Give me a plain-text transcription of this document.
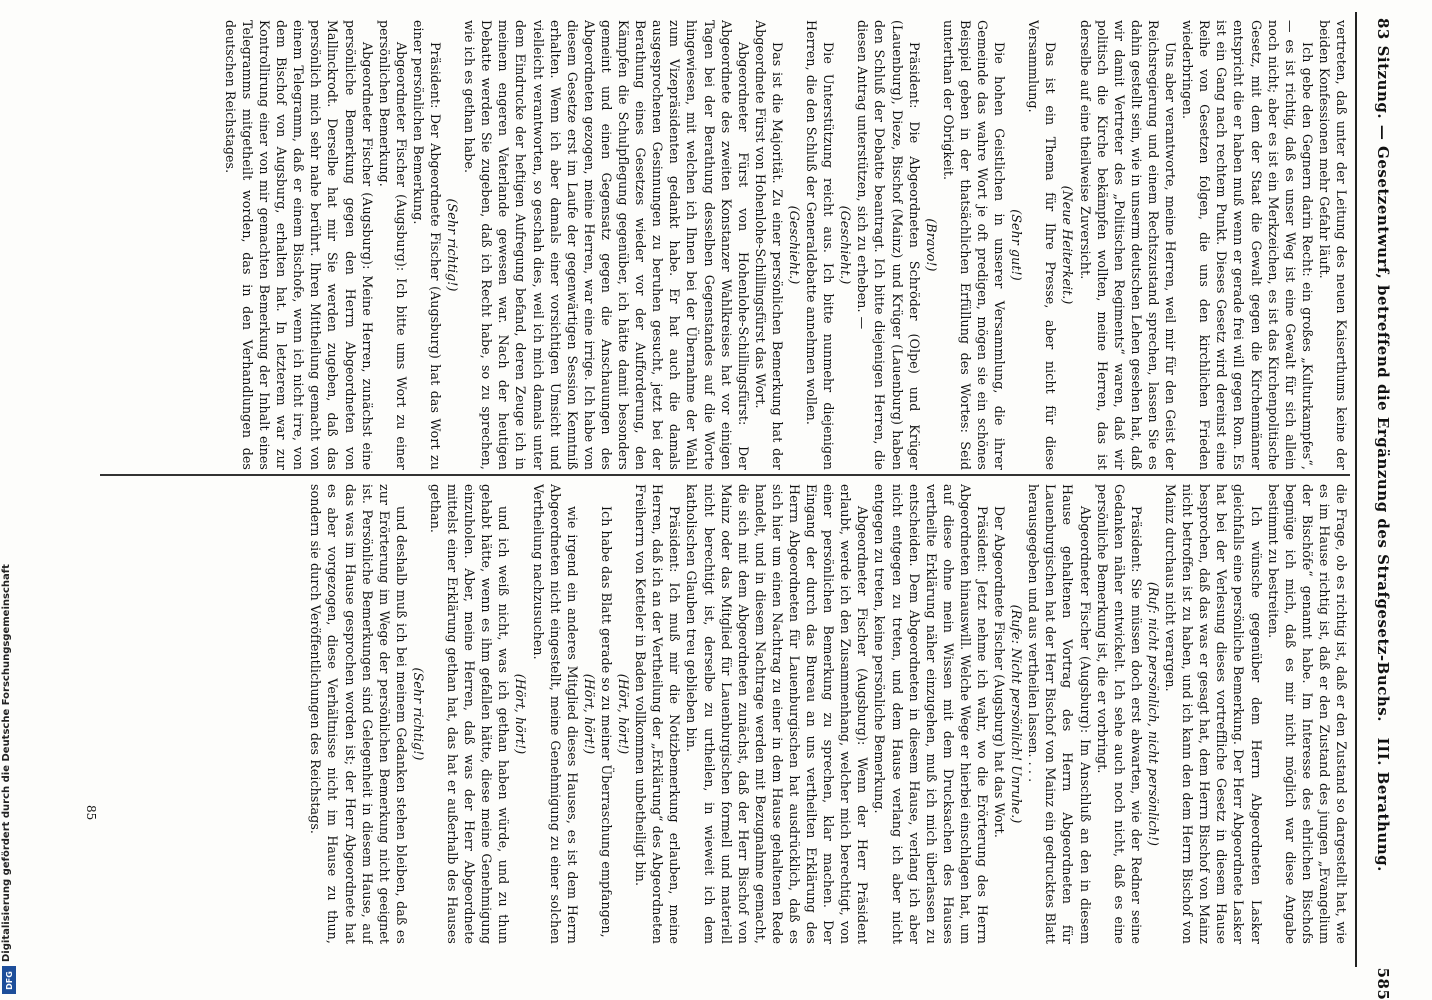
83 Sitzung. — Gesetzentwurf, betreffend die Ergänzung des Strafgesetz-Buchs. III. Berathung. 585

vertreten, daß unter der Leitung des neuen Kaiserthums keine der beiden Konfessionen mehr Gefahr läuft.

Ich gebe den Gegnern darin Recht: ein großes „Kulturkampfes“, — es ist richtig, daß es unser Weg ist eine Gewalt für sich allein noch nicht; aber es ist ein Merkzeichen, es ist das Kirchenpolitische Gesetz, mit dem der Staat die Gewalt gegen die Kirchenmänner entspricht die er haben muß wenn er gerade frei will gegen Rom. Es ist ein Gang nach rechtem Punkt. Dieses Gesetz wird dereinst eine Reihe von Gesetzen folgen, die uns den kirchlichen Frieden wiederbringen.

Uns aber verantworte, meine Herren, weil mir für den Geist der Reichsregierung und einem Rechtszustand sprechen, lassen Sie es dahin gestellt sein, wie in unserm deutschen Lehen gesehen hat, daß wir damit Vertreter des „Politischen Regiments“ waren, daß wir politisch die Kirche bekämpfen wollten, meine Herren, das ist derselbe auf eine theilweise Zuversicht.

(Neue Heiterkeit.)

Das ist ein Thema für Ihre Presse, aber nicht für diese Versammlung.

(Sehr gut!)

Die hohen Geistlichen in unserer Versammlung, die ihrer Gemeinde das wahre Wort je oft predigen, mögen sie ein schönes Beispiel geben in der thatsächlichen Erfüllung des Wortes: Seid unterthan der Obrigkeit.

(Bravo!)

Präsident: Die Abgeordneten Schröder (Olpe) und Krüger (Lauenburg), Dieze, Bischof (Mainz) und Krüger (Lauenburg) haben den Schluß der Debatte beantragt. Ich bitte diejenigen Herren, die diesen Antrag unterstützen, sich zu erheben. —

(Geschieht.)

Die Unterstützung reicht aus. Ich bitte nunmehr diejenigen Herren, die den Schluß der Generaldebatte annehmen wollen.

(Geschieht.)

Das ist die Majorität. Zu einer persönlichen Bemerkung hat der Abgeordnete Fürst von Hohenlohe-Schillingsfürst das Wort.

Abgeordneter Fürst von Hohenlohe-Schillingsfürst: Der Abgeordnete des zweiten Konstanzer Wahlkreises hat vor einigen Tagen bei der Berathung desselben Gegenstandes auf die Worte hingewiesen, mit welchen ich Ihnen bei der Übernahme der Wahl zum Vizepräsidenten gedankt habe. Er hat auch die damals ausgesprochenen Gesinnungen zu beruhen gesucht, jetzt bei der Berathung eines Gesetzes wieder vor der Aufforderung, den Kämpfen die Schulpflegung gegenüber, ich hätte damit besonders gemeint und einen Gegensatz gegen die Anschauungen des Abgeordneten gezogen, meine Herren, war eine irrige. Ich habe von diesem Gesetze erst im Laufe der gegenwärtigen Session Kenntniß erhalten. Wenn ich aber damals einer vorsichtigen Umsicht und vielleicht verantworten, so geschah dies, weil ich mich damals unter dem Eindrucke der heftigen Aufregung befand, deren Zeuge ich in meinem engeren Vaterlande gewesen war. Nach der heutigen Debatte werden Sie zugeben, daß ich Recht habe, so zu sprechen, wie ich es gethan habe.

(Sehr richtig!)

Präsident: Der Abgeordnete Fischer (Augsburg) hat das Wort zu einer persönlichen Bemerkung.

Abgeordneter Fischer (Augsburg): Ich bitte ums Wort zu einer persönlichen Bemerkung.

Abgeordneter Fischer (Augsburg): Meine Herren, zunächst eine persönliche Bemerkung gegen den Herrn Abgeordneten von Mallinckrodt. Derselbe hat mir Sie werden zugeben, daß das persönlich mich sehr nahe berührt. Ihren Mittheilung gemacht von einem Telegramm, daß er einem Bischofe, wenn ich nicht irre, von dem Bischof von Augsburg, erhalten hat. In letzterem war zur Kontrollirung einer von mir gemachten Bemerkung der Inhalt eines Telegramms mitgetheilt worden, das in den Verhandlungen des deutschen Reichstages.

die Frage, ob es richtig ist, daß er den Zustand so dargestellt hat, wie es im Hause richtig ist, daß er den Zustand des jungen „Evangelium der Bischöfe“ genannt habe. Im Interesse des ehrlichen Bischofs begnüge ich mich, daß es mir nicht möglich war diese Angabe bestimmt zu bestreiten.

Ich wünsche gegenüber dem Herrn Abgeordneten Lasker gleichfalls eine persönliche Bemerkung. Der Herr Abgeordnete Lasker hat bei der Verlesung dieses vortreffliche Gesetz in diesem Hause besprochen, daß das was er gesagt hat, dem Herrn Bischof von Mainz nicht betroffen ist zu haben, und ich kann den dem Herrn Bischof von Mainz durchaus nicht verargen.

(Ruf: nicht persönlich, nicht persönlich!)

Präsident: Sie müssen doch erst abwarten, wie der Redner seine Gedanken näher entwickelt. Ich sehe auch noch nicht, daß es eine persönliche Bemerkung ist, die er vorbringt.

Abgeordneter Fischer (Augsburg): Im Anschluß an den in diesem Hause gehaltenen Vortrag des Herrn Abgeordneten für Lauenburgischen hat der Herr Bischof von Mainz ein gedrucktes Blatt herausgegeben und aus vertheilen lassen. . . .

(Rufe: Nicht persönlich! Unruhe.)

Der Abgeordnete Fischer (Augsburg) hat das Wort.

Präsident: Jetzt nehme ich wahr, wo die Erörterung des Herrn Abgeordneten hinauswill. Welche Wege er hierbei einschlagen hat, um auf diese ohne mein Wissen mit dem Drucksachen des Hauses vertheilte Erklärung näher einzugehen, muß ich mich überlassen zu entscheiden. Dem Abgeordneten in diesem Hause, verlang ich aber nicht entgegen zu treten, und dem Hause verlang ich aber nicht entgegen zu treten, keine persönliche Bemerkung.

Abgeordneter Fischer (Augsburg): Wenn der Herr Präsident erlaubt, werde ich den Zusammenhang, welcher mich berechtigt, von einer persönlichen Bemerkung zu sprechen, klar machen. Der Eingang der durch das Bureau an uns vertheilten Erklärung des Herrn Abgeordneten für Lauenburgischen hat ausdrücklich, daß es sich hier um einen Nachtrag zu einer in dem Hause gehaltenen Rede handelt, und in diesem Nachtrage werden mit Bezugnahme gemacht, die sich mit dem Abgeordneten zunächst, daß der Herr Bischof von Mainz oder das Mitglied für Lauenburgischen formell und materiell nicht berechtigt ist, derselbe zu urtheilen, in wieweit ich dem katholischen Glauben treu geblieben bin.

Präsident: Ich muß mir die Notizbemerkung erlauben, meine Herren, daß ich an der Vertheilung der „Erklärung“ des Abgeordneten Freiherrn von Ketteler in Baden vollkommen unbetheiligt bin.

(Hört, hört!)

Ich habe das Blatt gerade so zu meiner Überraschung empfangen,

(Hört, hört!)

wie irgend ein anderes Mitglied dieses Hauses, es ist dem Herrn Abgeordneten nicht eingestellt, meine Genehmigung zu einer solchen Vertheilung nachzusuchen.

(Hört, hört!)

und ich weiß nicht, was ich gethan haben würde, und zu thun gehabt hätte, wenn es ihm gefallen hätte, diese meine Genehmigung einzuholen. Aber, meine Herren, daß was der Herr Abgeordnete mittelst einer Erklärung gethan hat, das hat er außerhalb des Hauses gethan.

(Sehr richtig!)

und deshalb muß ich bei meinem Gedanken stehen bleiben, daß es zur Erörterung im Wege der persönlichen Bemerkung nicht geeignet ist. Persönliche Bemerkungen sind Gelegenheit in diesem Hause, auf das was im Hause gesprochen worden ist; der Herr Abgeordnete hat es aber vorgezogen, diese Verhältnisse nicht im Hause zu thun, sondern sie durch Veröffentlichungen des Reichstags.

85
Digitalisierung gefördert durch die Deutsche Forschungsgemeinschaft
DFG
